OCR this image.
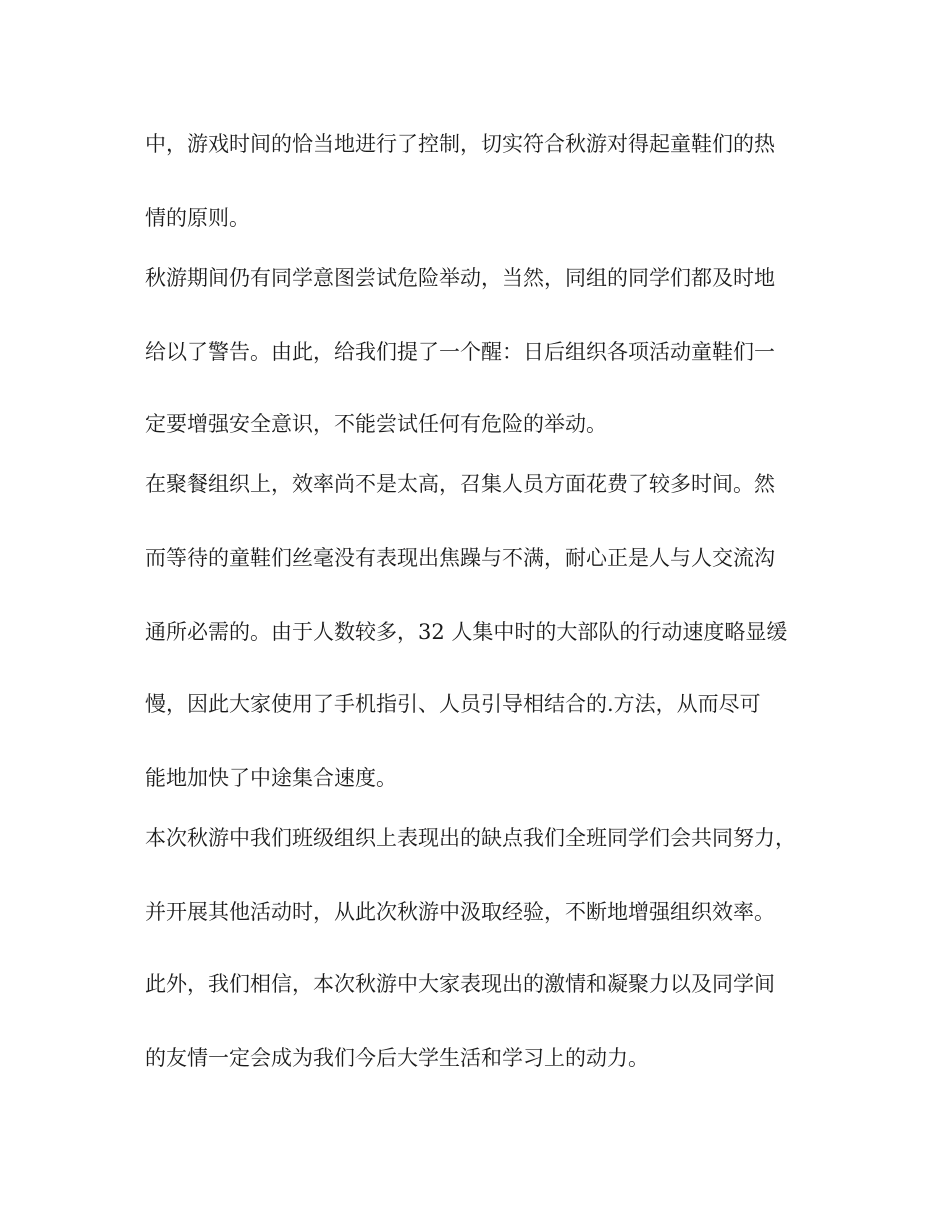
中，游戏时间的恰当地进行了控制，切实符合秋游对得起童鞋们的热

情的原则。

秋游期间仍有同学意图尝试危险举动，当然，同组的同学们都及时地

给以了警告。由此，给我们提了一个醒：日后组织各项活动童鞋们一

定要增强安全意识，不能尝试任何有危险的举动。

在聚餐组织上，效率尚不是太高，召集人员方面花费了较多时间。然

而等待的童鞋们丝毫没有表现出焦躁与不满，耐心正是人与人交流沟

通所必需的。由于人数较多，32 人集中时的大部队的行动速度略显缓

慢，因此大家使用了手机指引、人员引导相结合的.方法，从而尽可

能地加快了中途集合速度。

本次秋游中我们班级组织上表现出的缺点我们全班同学们会共同努力，

并开展其他活动时，从此次秋游中汲取经验，不断地增强组织效率。

此外，我们相信，本次秋游中大家表现出的激情和凝聚力以及同学间

的友情一定会成为我们今后大学生活和学习上的动力。
